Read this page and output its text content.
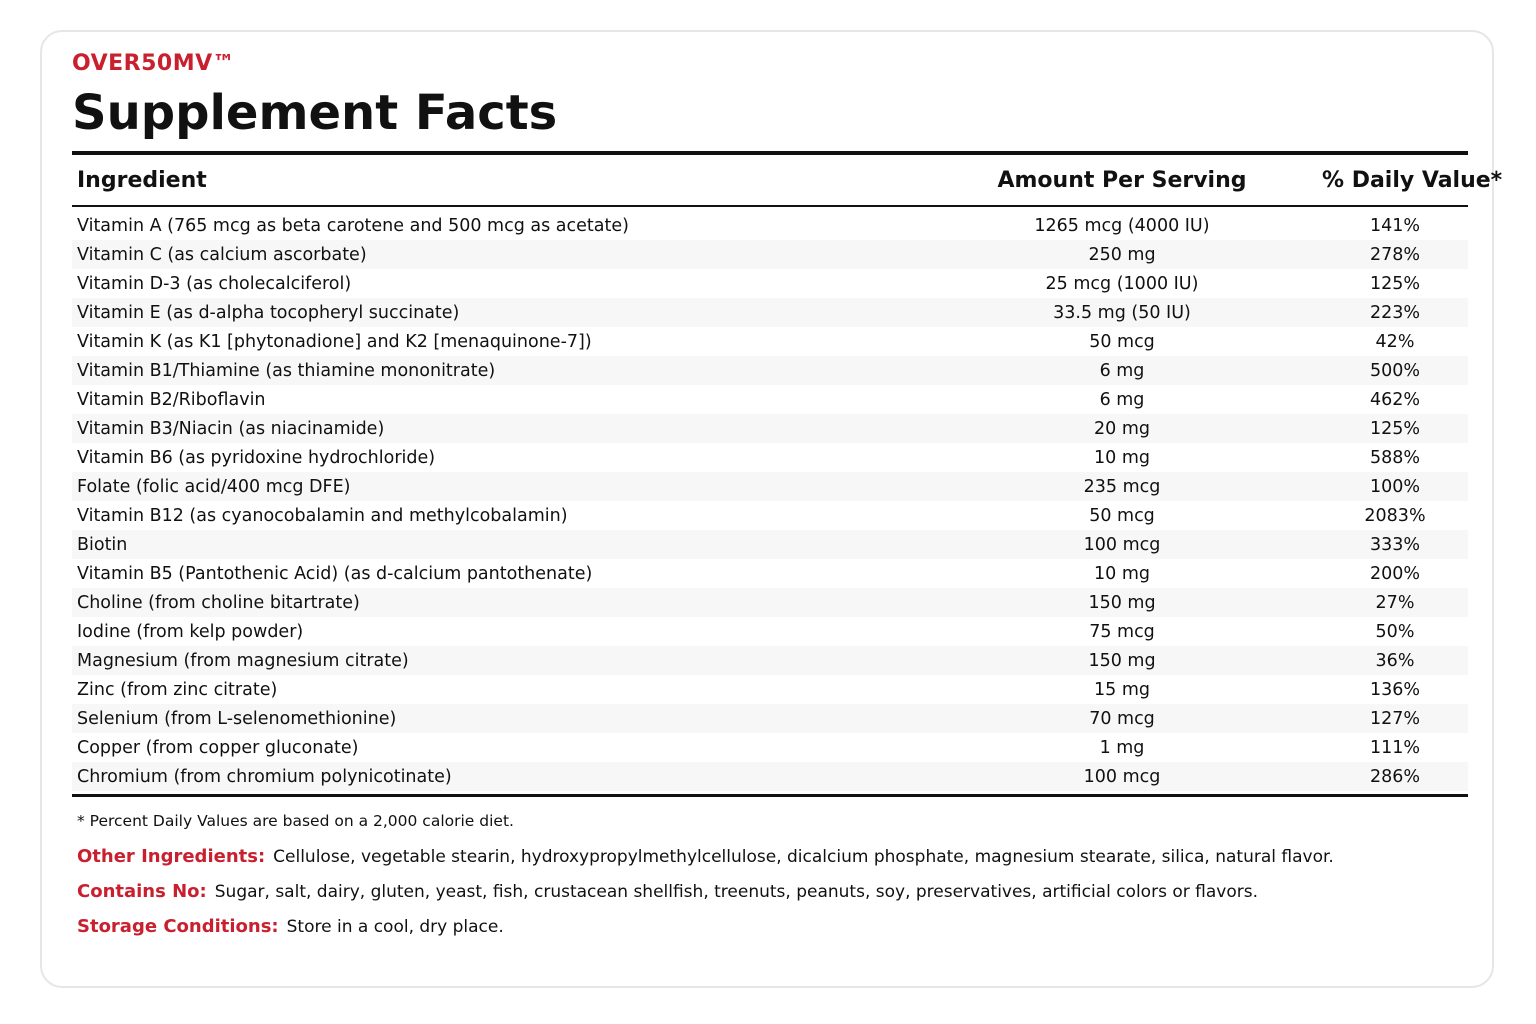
OVER50MV™
Supplement Facts
Ingredient	Amount Per Serving	% Daily Value*

Vitamin A (765 mcg as beta carotene and 500 mcg as acetate)	1265 mcg (4000 IU)	141%
Vitamin C (as calcium ascorbate)	250 mg	278%
Vitamin D-3 (as cholecalciferol)	25 mcg (1000 IU)	125%
Vitamin E (as d-alpha tocopheryl succinate)	33.5 mg (50 IU)	223%
Vitamin K (as K1 [phytonadione] and K2 [menaquinone-7])	50 mcg	42%
Vitamin B1/Thiamine (as thiamine mononitrate)	6 mg	500%
Vitamin B2/Riboflavin	6 mg	462%
Vitamin B3/Niacin (as niacinamide)	20 mg	125%
Vitamin B6 (as pyridoxine hydrochloride)	10 mg	588%
Folate (folic acid/400 mcg DFE)	235 mcg	100%
Vitamin B12 (as cyanocobalamin and methylcobalamin)	50 mcg	2083%
Biotin	100 mcg	333%
Vitamin B5 (Pantothenic Acid) (as d-calcium pantothenate)	10 mg	200%
Choline (from choline bitartrate)	150 mg	27%
Iodine (from kelp powder)	75 mcg	50%
Magnesium (from magnesium citrate)	150 mg	36%
Zinc (from zinc citrate)	15 mg	136%
Selenium (from L-selenomethionine)	70 mcg	127%
Copper (from copper gluconate)	1 mg	111%
Chromium (from chromium polynicotinate)	100 mcg	286%
* Percent Daily Values are based on a 2,000 calorie diet.
Other Ingredients: Cellulose, vegetable stearin, hydroxypropylmethylcellulose, dicalcium phosphate, magnesium stearate, silica, natural flavor.
Contains No: Sugar, salt, dairy, gluten, yeast, fish, crustacean shellfish, treenuts, peanuts, soy, preservatives, artificial colors or flavors.
Storage Conditions: Store in a cool, dry place.
